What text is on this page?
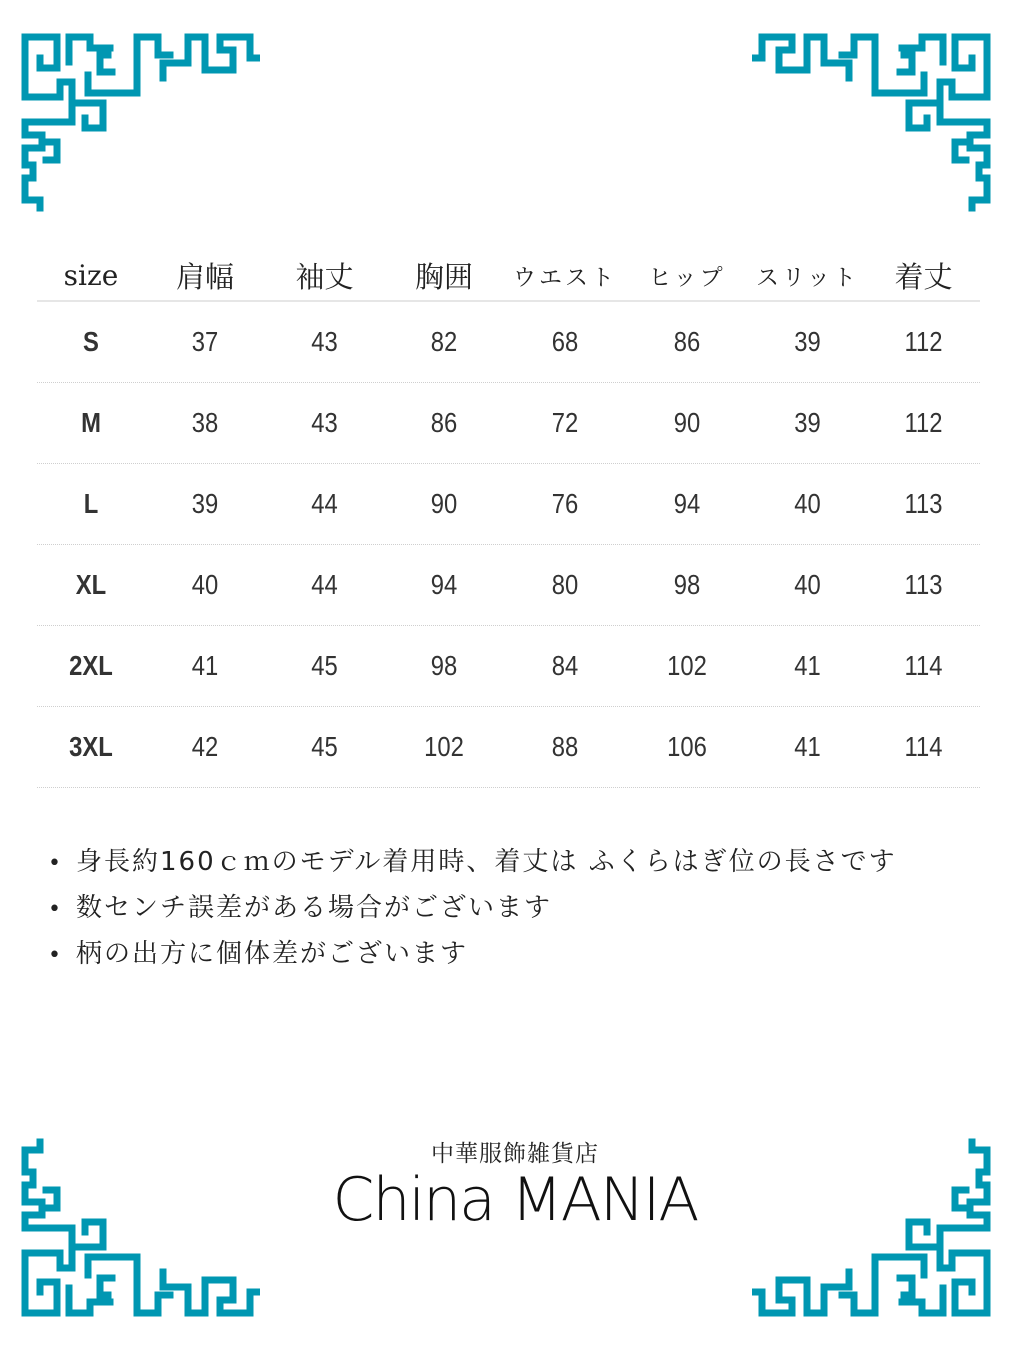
size	肩幅	袖丈	胸囲	ウエスト	ヒップ	スリット	着丈
S	37	43	82	68	86	39	112
M	38	43	86	72	90	39	112
L	39	44	90	76	94	40	113
XL	40	44	94	80	98	40	113
2XL	41	45	98	84	102	41	114
3XL	42	45	102	88	106	41	114
• 身長約160ｃｍのモデル着用時、着丈は ふくらはぎ位の長さです
• 数センチ誤差がある場合がございます
• 柄の出方に個体差がございます
中華服飾雑貨店
China MANIA
